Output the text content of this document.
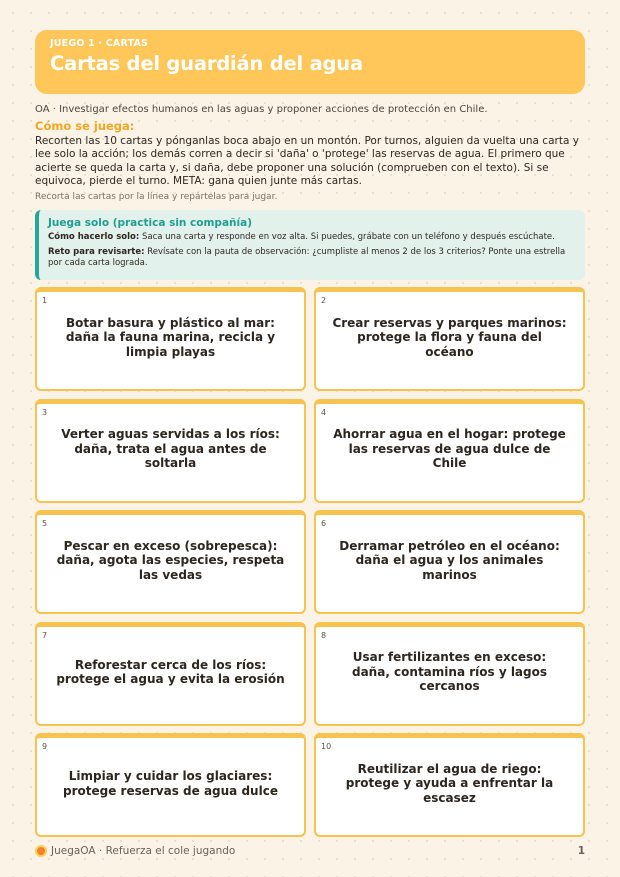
JUEGO 1 · CARTAS
Cartas del guardián del agua
OA · Investigar efectos humanos en las aguas y proponer acciones de protección en Chile.
Cómo se juega:
Recorten las 10 cartas y pónganlas boca abajo en un montón. Por turnos, alguien da vuelta una carta y lee solo la acción; los demás corren a decir si 'daña' o 'protege' las reservas de agua. El primero que acierte se queda la carta y, si daña, debe proponer una solución (comprueben con el texto). Si se equivoca, pierde el turno. META: gana quien junte más cartas.
Recorta las cartas por la línea y repártelas para jugar.
Juega solo (practica sin compañía)
Cómo hacerlo solo: Saca una carta y responde en voz alta. Si puedes, grábate con un teléfono y después escúchate.
Reto para revisarte: Revísate con la pauta de observación: ¿cumpliste al menos 2 de los 3 criterios? Ponte una estrella por cada carta lograda.
1
Botar basura y plástico al mar: daña la fauna marina, recicla y limpia playas
2
Crear reservas y parques marinos: protege la flora y fauna del océano
3
Verter aguas servidas a los ríos: daña, trata el agua antes de soltarla
4
Ahorrar agua en el hogar: protege las reservas de agua dulce de Chile
5
Pescar en exceso (sobrepesca): daña, agota las especies, respeta las vedas
6
Derramar petróleo en el océano: daña el agua y los animales marinos
7
Reforestar cerca de los ríos: protege el agua y evita la erosión
8
Usar fertilizantes en exceso: daña, contamina ríos y lagos cercanos
9
Limpiar y cuidar los glaciares: protege reservas de agua dulce
10
Reutilizar el agua de riego: protege y ayuda a enfrentar la escasez
JuegaOA · Refuerza el cole jugando	1
